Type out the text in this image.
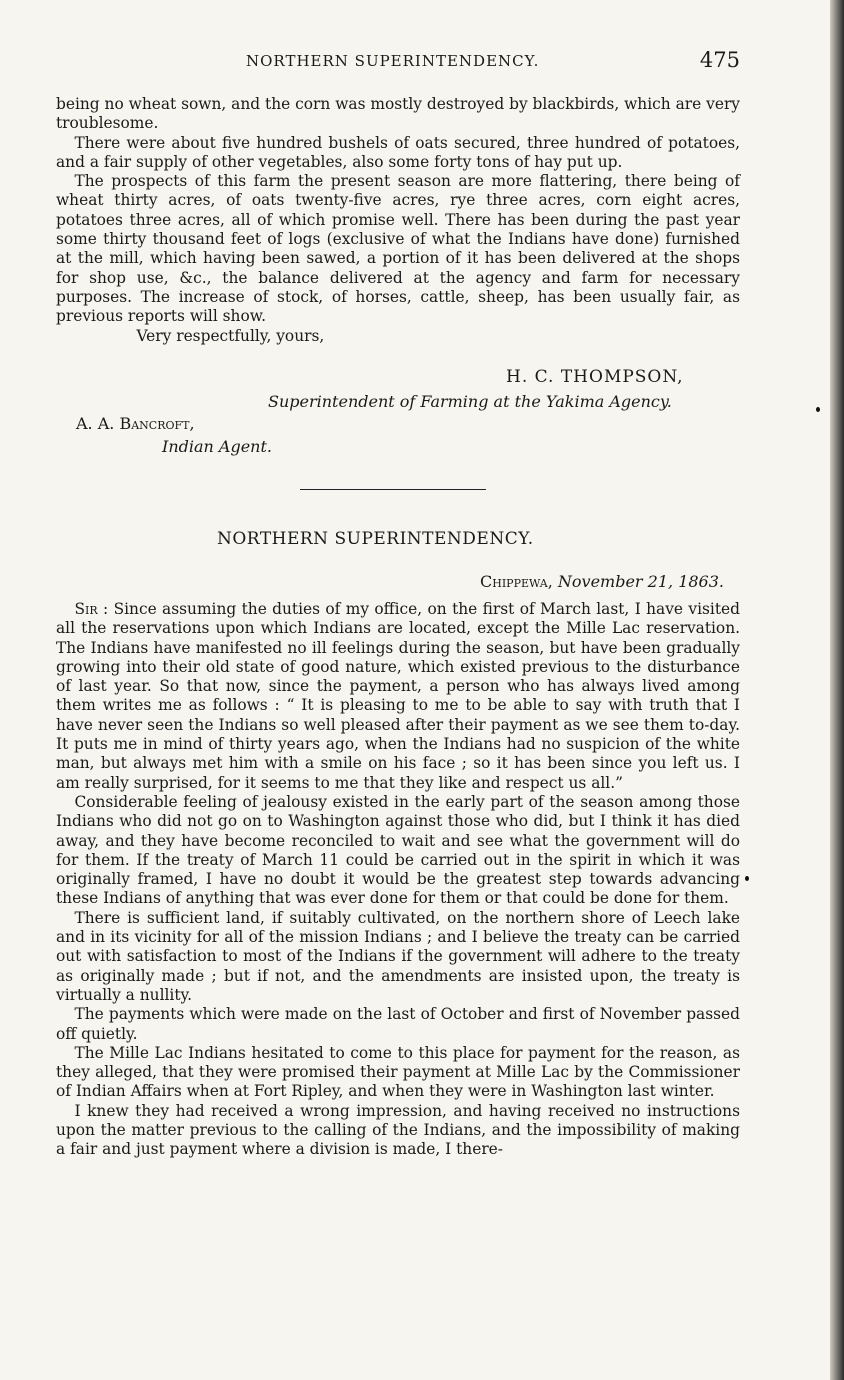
NORTHERN SUPERINTENDENCY.	475

being no wheat sown, and the corn was mostly destroyed by blackbirds, which are very troublesome.

There were about five hundred bushels of oats secured, three hundred of potatoes, and a fair supply of other vegetables, also some forty tons of hay put up.

The prospects of this farm the present season are more flattering, there being of wheat thirty acres, of oats twenty-five acres, rye three acres, corn eight acres, potatoes three acres, all of which promise well. There has been during the past year some thirty thousand feet of logs (exclusive of what the Indians have done) furnished at the mill, which having been sawed, a portion of it has been delivered at the shops for shop use, &c., the balance delivered at the agency and farm for necessary purposes. The increase of stock, of horses, cattle, sheep, has been usually fair, as previous reports will show.

Very respectfully, yours,

H. C. THOMPSON,
Superintendent of Farming at the Yakima Agency.
A. A. Bancroft,
Indian Agent.
NORTHERN SUPERINTENDENCY.
Chippewa, November 21, 1863.

Sir : Since assuming the duties of my office, on the first of March last, I have visited all the reservations upon which Indians are located, except the Mille Lac reservation. The Indians have manifested no ill feelings during the season, but have been gradually growing into their old state of good nature, which existed previous to the disturbance of last year. So that now, since the payment, a person who has always lived among them writes me as follows : “ It is pleasing to me to be able to say with truth that I have never seen the Indians so well pleased after their payment as we see them to-day. It puts me in mind of thirty years ago, when the Indians had no suspicion of the white man, but always met him with a smile on his face ; so it has been since you left us. I am really surprised, for it seems to me that they like and respect us all.”

Considerable feeling of jealousy existed in the early part of the season among those Indians who did not go on to Washington against those who did, but I think it has died away, and they have become reconciled to wait and see what the government will do for them. If the treaty of March 11 could be carried out in the spirit in which it was originally framed, I have no doubt it would be the greatest step towards advancing these Indians of anything that was ever done for them or that could be done for them.

There is sufficient land, if suitably cultivated, on the northern shore of Leech lake and in its vicinity for all of the mission Indians ; and I believe the treaty can be carried out with satisfaction to most of the Indians if the government will adhere to the treaty as originally made ; but if not, and the amendments are insisted upon, the treaty is virtually a nullity.

The payments which were made on the last of October and first of November passed off quietly.

The Mille Lac Indians hesitated to come to this place for payment for the reason, as they alleged, that they were promised their payment at Mille Lac by the Commissioner of Indian Affairs when at Fort Ripley, and when they were in Washington last winter.

I knew they had received a wrong impression, and having received no instructions upon the matter previous to the calling of the Indians, and the impossibility of making a fair and just payment where a division is made, I there-
